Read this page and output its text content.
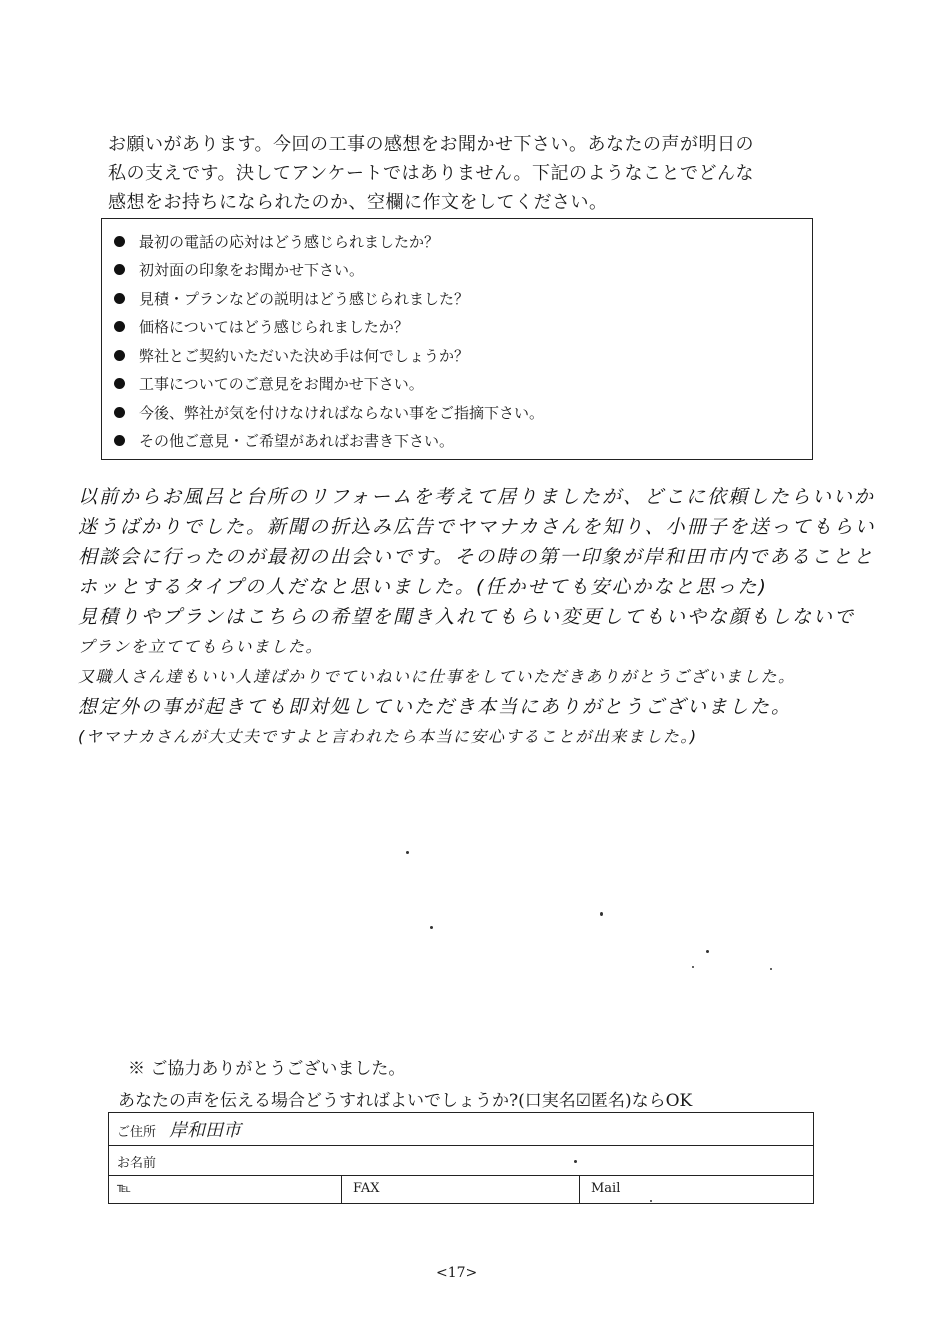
お願いがあります。今回の工事の感想をお聞かせ下さい。あなたの声が明日の
私の支えです。決してアンケートではありません。下記のようなことでどんな
感想をお持ちになられたのか、空欄に作文をしてください。
最初の電話の応対はどう感じられましたか？
初対面の印象をお聞かせ下さい。
見積・プランなどの説明はどう感じられました？
価格についてはどう感じられましたか？
弊社とご契約いただいた決め手は何でしょうか？
工事についてのご意見をお聞かせ下さい。
今後、弊社が気を付けなければならない事をご指摘下さい。
その他ご意見・ご希望があればお書き下さい。
以前からお風呂と台所のリフォームを考えて居りましたが、どこに依頼したらいいか
迷うばかりでした。新聞の折込み広告でヤマナカさんを知り、小冊子を送ってもらい
相談会に行ったのが最初の出会いです。その時の第一印象が岸和田市内であることと
ホッとするタイプの人だなと思いました。(任かせても安心かなと思った)
見積りやプランはこちらの希望を聞き入れてもらい変更してもいやな顔もしないで
プランを立ててもらいました。
又職人さん達もいい人達ばかりでていねいに仕事をしていただきありがとうございました。
想定外の事が起きても即対処していただき本当にありがとうございました。
(ヤマナカさんが大丈夫ですよと言われたら本当に安心することが出来ました。)
※ ご協力ありがとうございました。
あなたの声を伝える場合どうすればよいでしょうか?(口実名☑匿名)ならOK
ご住所 岸和田市
お名前
℡	FAX	Mail
<17>
